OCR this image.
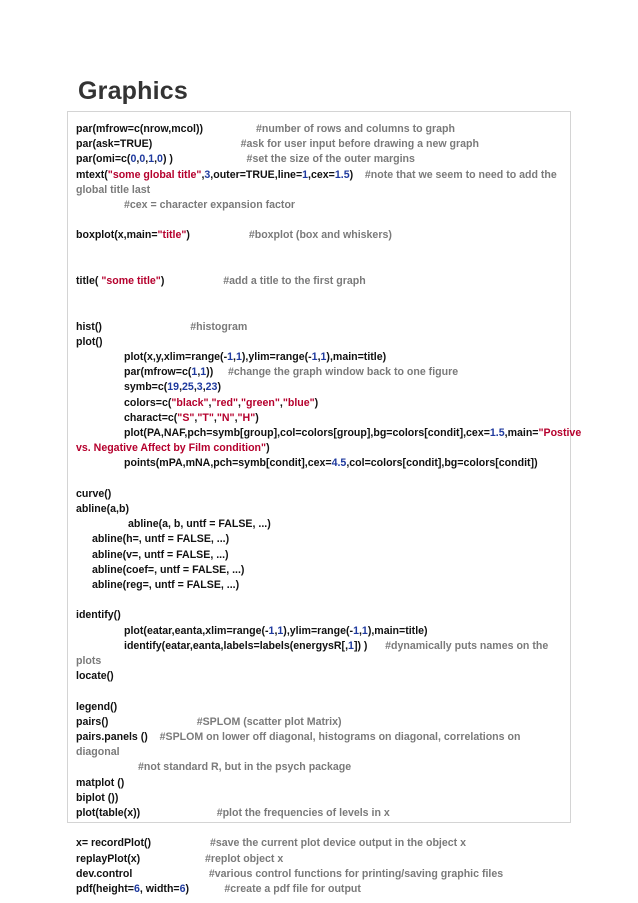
Graphics
par(mfrow=c(nrow,mcol))	#number of rows and columns to graph
par(ask=TRUE)	#ask for user input before drawing a new graph
par(omi=c(0,0,1,0) )	#set the size of the outer margins
mtext("some global title",3,outer=TRUE,line=1,cex=1.5) #note that we seem to need to add the global title last
#cex = character expansion factor
boxplot(x,main="title")	#boxplot (box and whiskers)
title( "some title")	#add a title to the first graph
hist()	#histogram
plot()
plot(x,y,xlim=range(-1,1),ylim=range(-1,1),main=title)
par(mfrow=c(1,1)) #change the graph window back to one figure
symb=c(19,25,3,23)
colors=c("black","red","green","blue")
charact=c("S","T","N","H")
plot(PA,NAF,pch=symb[group],col=colors[group],bg=colors[condit],cex=1.5,main="Postive vs. Negative Affect by Film condition")
points(mPA,mNA,pch=symb[condit],cex=4.5,col=colors[condit],bg=colors[condit])
curve()
abline(a,b)
abline(a, b, untf = FALSE, ...)
abline(h=, untf = FALSE, ...)
abline(v=, untf = FALSE, ...)
abline(coef=, untf = FALSE, ...)
abline(reg=, untf = FALSE, ...)
identify()
plot(eatar,eanta,xlim=range(-1,1),ylim=range(-1,1),main=title)
identify(eatar,eanta,labels=labels(energysR[,1]) ) #dynamically puts names on the plots
locate()
legend()
pairs()	#SPLOM (scatter plot Matrix)
pairs.panels () #SPLOM on lower off diagonal, histograms on diagonal, correlations on diagonal
#not standard R, but in the psych package
matplot ()
biplot ())
plot(table(x))	#plot the frequencies of levels in x
x= recordPlot()	#save the current plot device output in the object x
replayPlot(x)	#replot object x
dev.control	#various control functions for printing/saving graphic files
pdf(height=6, width=6)	#create a pdf file for output
